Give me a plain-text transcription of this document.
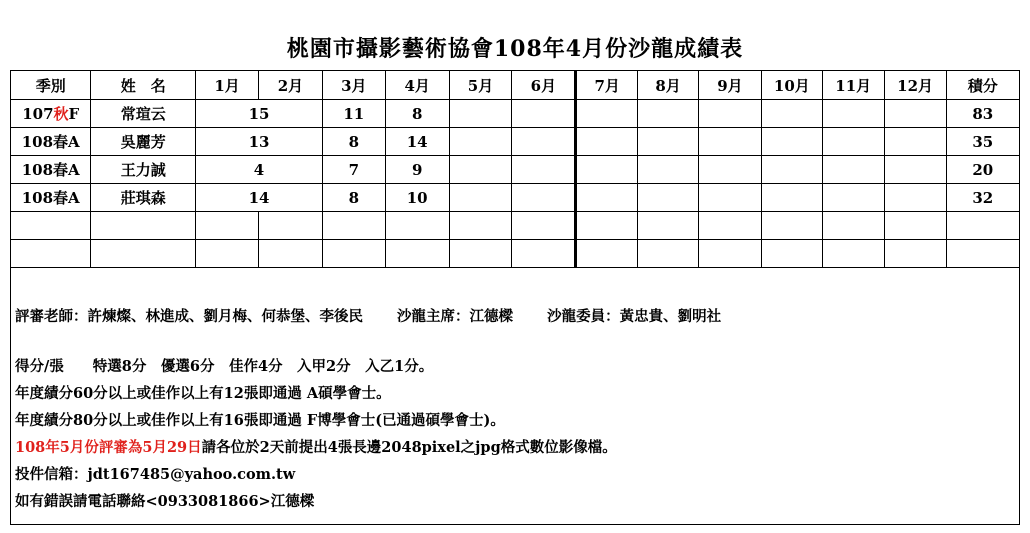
桃園市攝影藝術協會108年4月份沙龍成績表
季別	姓　名	1月	2月	3月	4月	5月	6月	7月	8月	9月	10月	11月	12月	積分
107秋F	常瑄云	15		11	8									83
108春A	吳麗芳	13		8	14									35
108春A	王力誠	4		7	9									20
108春A	莊琪森	14		8	10									32

評審老師：許煉燦、林進成、劉月梅、何恭堡、李後民　　 沙龍主席：江德樑　　 沙龍委員：黃忠貴、劉明社
得分/張　　特選8分　優選6分　佳作4分　入甲2分　入乙1分。
年度績分60分以上或佳作以上有12張即通過 A碩學會士。
年度績分80分以上或佳作以上有16張即通過 F博學會士(已通過碩學會士)。
108年5月份評審為5月29日請各位於2天前提出4張長邊2048pixel之jpg格式數位影像檔。
投件信箱：jdt167485@yahoo.com.tw
如有錯誤請電話聯絡<0933081866>江德樑
